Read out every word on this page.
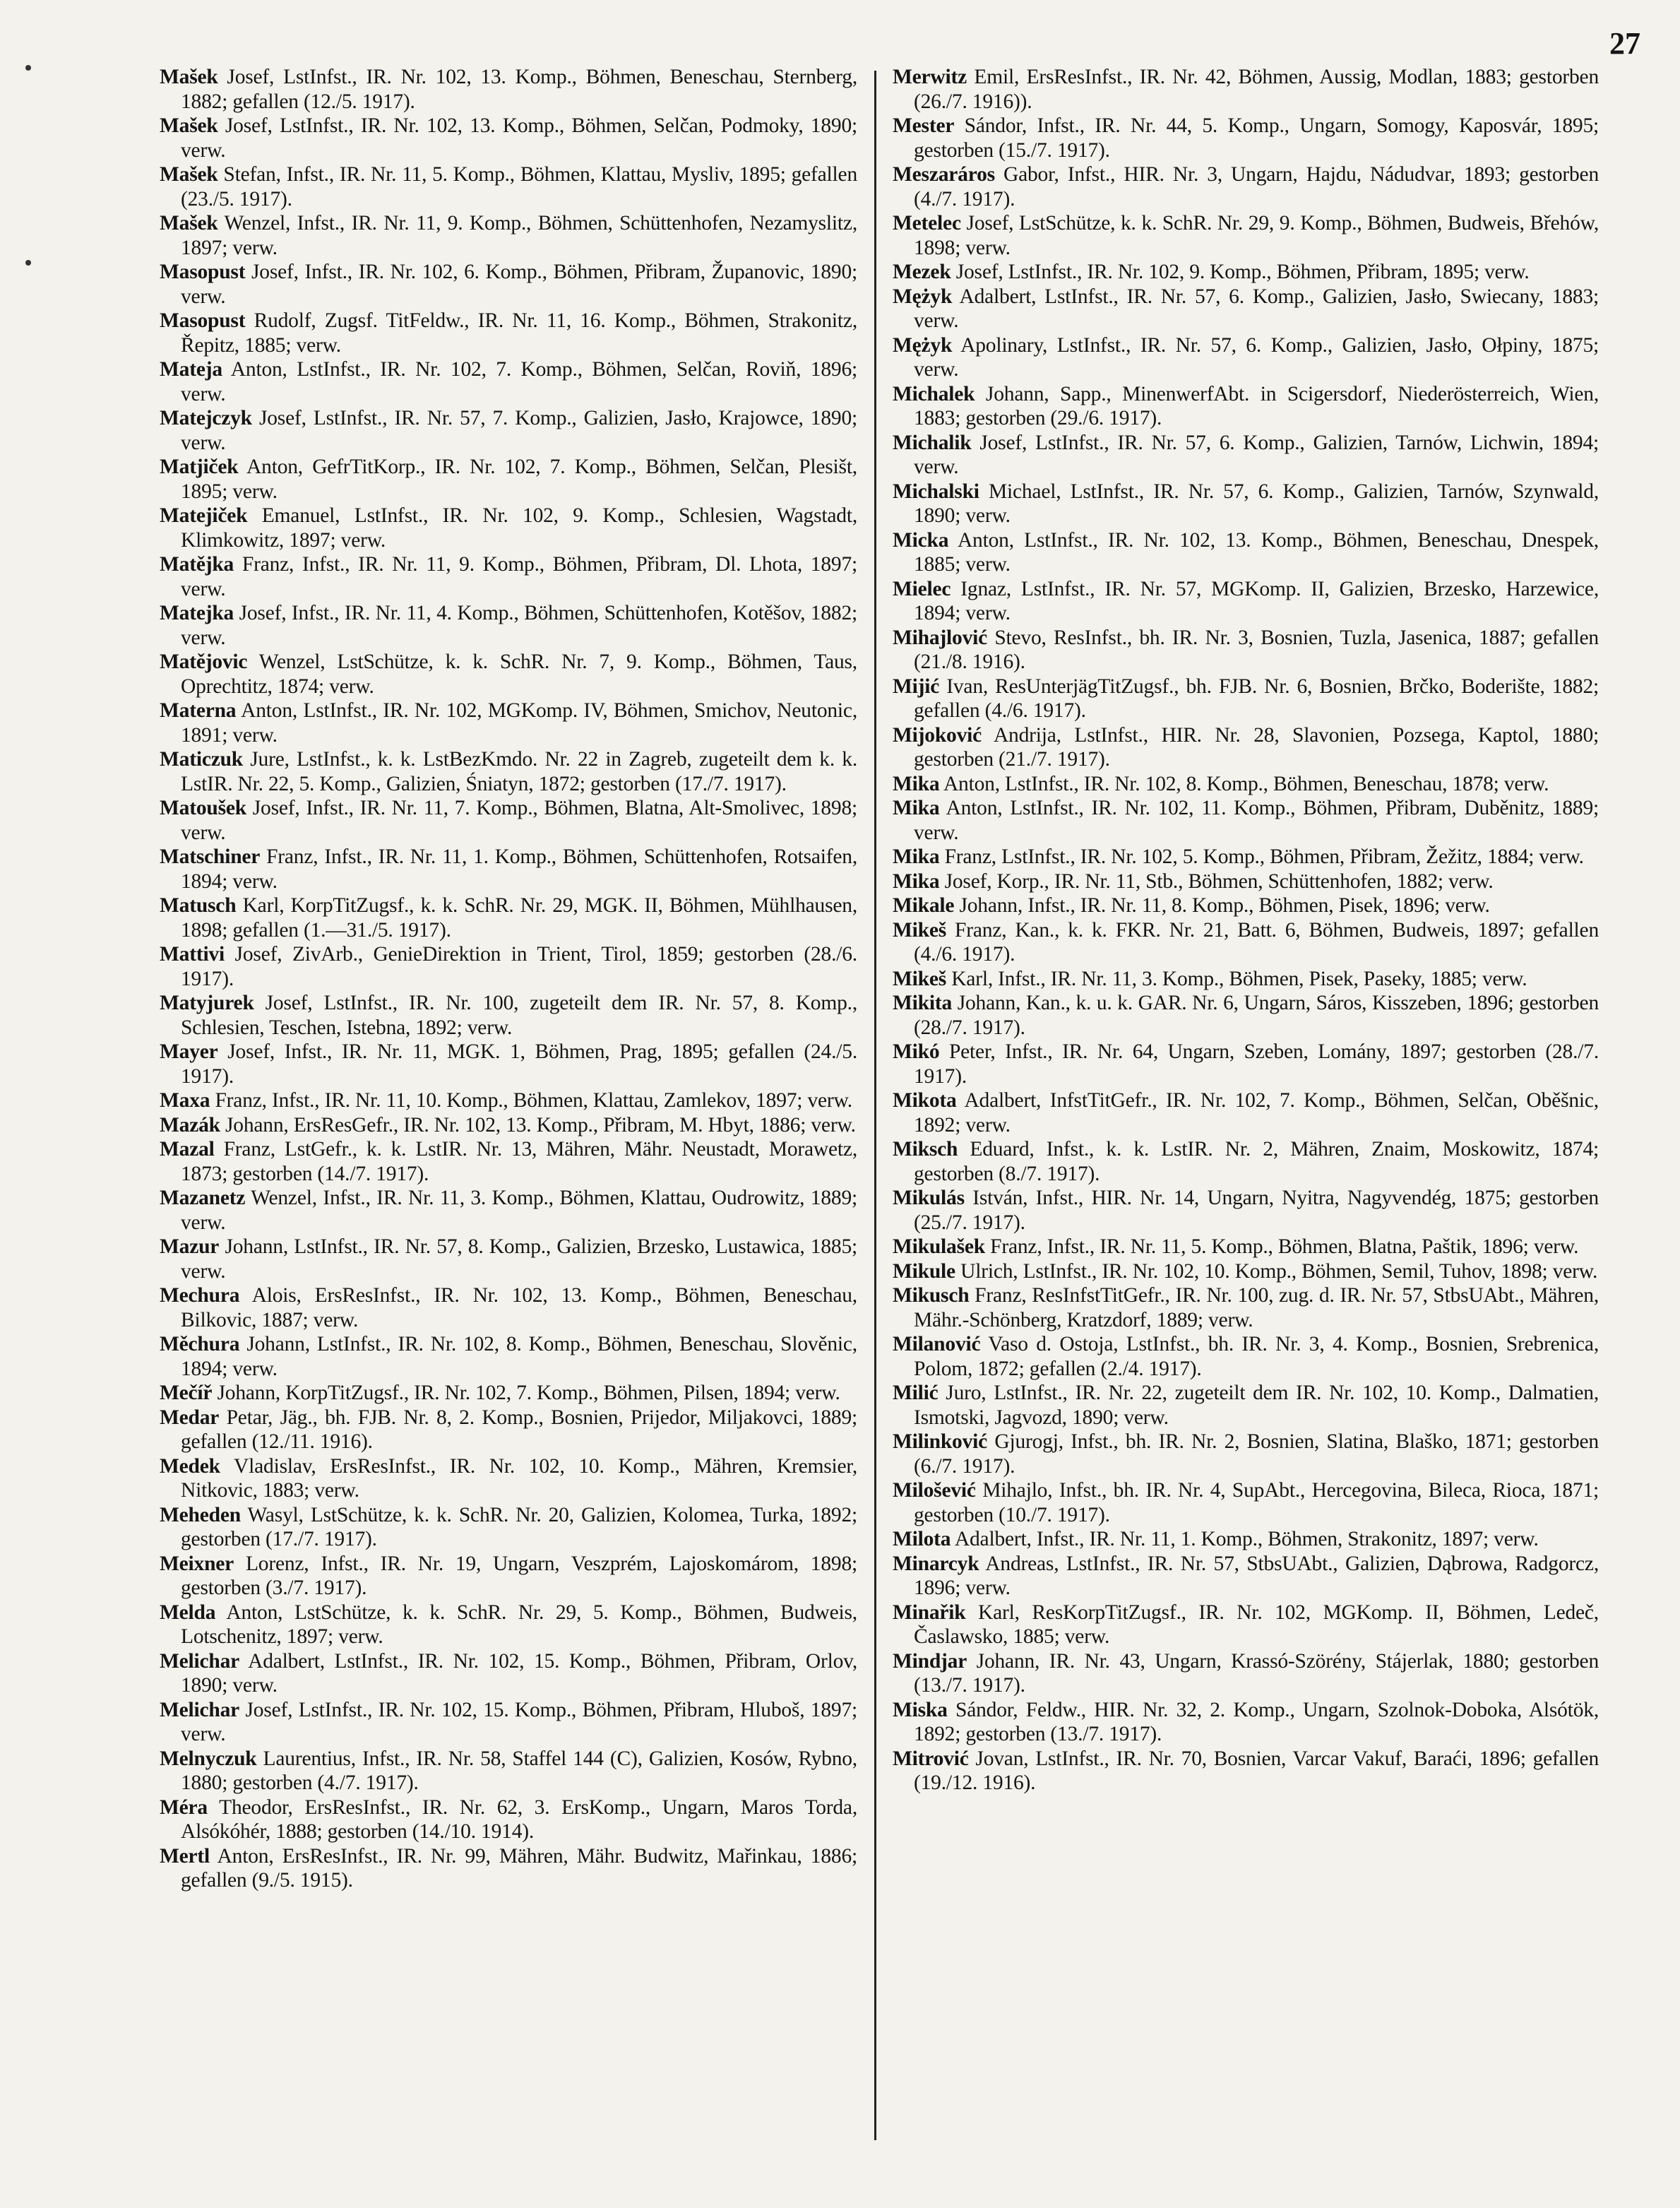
27

Mašek Josef, LstInfst., IR. Nr. 102, 13. Komp., Böhmen, Beneschau, Sternberg, 1882; gefallen (12./5. 1917).

Mašek Josef, LstInfst., IR. Nr. 102, 13. Komp., Böhmen, Selčan, Podmoky, 1890; verw.

Mašek Stefan, Infst., IR. Nr. 11, 5. Komp., Böhmen, Klattau, Mysliv, 1895; gefallen (23./5. 1917).

Mašek Wenzel, Infst., IR. Nr. 11, 9. Komp., Böhmen, Schüttenhofen, Nezamyslitz, 1897; verw.

Masopust Josef, Infst., IR. Nr. 102, 6. Komp., Böhmen, Přibram, Županovic, 1890; verw.

Masopust Rudolf, Zugsf. TitFeldw., IR. Nr. 11, 16. Komp., Böhmen, Strakonitz, Řepitz, 1885; verw.

Mateja Anton, LstInfst., IR. Nr. 102, 7. Komp., Böhmen, Selčan, Roviň, 1896; verw.

Matejczyk Josef, LstInfst., IR. Nr. 57, 7. Komp., Galizien, Jasło, Krajowce, 1890; verw.

Matjiček Anton, GefrTitKorp., IR. Nr. 102, 7. Komp., Böhmen, Selčan, Plesišt, 1895; verw.

Matejiček Emanuel, LstInfst., IR. Nr. 102, 9. Komp., Schlesien, Wagstadt, Klimkowitz, 1897; verw.

Matějka Franz, Infst., IR. Nr. 11, 9. Komp., Böhmen, Přibram, Dl. Lhota, 1897; verw.

Matejka Josef, Infst., IR. Nr. 11, 4. Komp., Böhmen, Schüttenhofen, Kotěšov, 1882; verw.

Matějovic Wenzel, LstSchütze, k. k. SchR. Nr. 7, 9. Komp., Böhmen, Taus, Oprechtitz, 1874; verw.

Materna Anton, LstInfst., IR. Nr. 102, MGKomp. IV, Böhmen, Smichov, Neutonic, 1891; verw.

Maticzuk Jure, LstInfst., k. k. LstBezKmdo. Nr. 22 in Zagreb, zugeteilt dem k. k. LstIR. Nr. 22, 5. Komp., Galizien, Śniatyn, 1872; gestorben (17./7. 1917).

Matoušek Josef, Infst., IR. Nr. 11, 7. Komp., Böhmen, Blatna, Alt-Smolivec, 1898; verw.

Matschiner Franz, Infst., IR. Nr. 11, 1. Komp., Böhmen, Schüttenhofen, Rotsaifen, 1894; verw.

Matusch Karl, KorpTitZugsf., k. k. SchR. Nr. 29, MGK. II, Böhmen, Mühlhausen, 1898; gefallen (1.—31./5. 1917).

Mattivi Josef, ZivArb., GenieDirektion in Trient, Tirol, 1859; gestorben (28./6. 1917).

Matyjurek Josef, LstInfst., IR. Nr. 100, zugeteilt dem IR. Nr. 57, 8. Komp., Schlesien, Teschen, Istebna, 1892; verw.

Mayer Josef, Infst., IR. Nr. 11, MGK. 1, Böhmen, Prag, 1895; gefallen (24./5. 1917).

Maxa Franz, Infst., IR. Nr. 11, 10. Komp., Böhmen, Klattau, Zamlekov, 1897; verw.

Mazák Johann, ErsResGefr., IR. Nr. 102, 13. Komp., Přibram, M. Hbyt, 1886; verw.

Mazal Franz, LstGefr., k. k. LstIR. Nr. 13, Mähren, Mähr. Neustadt, Morawetz, 1873; gestorben (14./7. 1917).

Mazanetz Wenzel, Infst., IR. Nr. 11, 3. Komp., Böhmen, Klattau, Oudrowitz, 1889; verw.

Mazur Johann, LstInfst., IR. Nr. 57, 8. Komp., Galizien, Brzesko, Lustawica, 1885; verw.

Mechura Alois, ErsResInfst., IR. Nr. 102, 13. Komp., Böhmen, Beneschau, Bilkovic, 1887; verw.

Měchura Johann, LstInfst., IR. Nr. 102, 8. Komp., Böhmen, Beneschau, Slověnic, 1894; verw.

Mečíř Johann, KorpTitZugsf., IR. Nr. 102, 7. Komp., Böhmen, Pilsen, 1894; verw.

Medar Petar, Jäg., bh. FJB. Nr. 8, 2. Komp., Bosnien, Prijedor, Miljakovci, 1889; gefallen (12./11. 1916).

Medek Vladislav, ErsResInfst., IR. Nr. 102, 10. Komp., Mähren, Kremsier, Nitkovic, 1883; verw.

Meheden Wasyl, LstSchütze, k. k. SchR. Nr. 20, Galizien, Kolomea, Turka, 1892; gestorben (17./7. 1917).

Meixner Lorenz, Infst., IR. Nr. 19, Ungarn, Veszprém, Lajoskomárom, 1898; gestorben (3./7. 1917).

Melda Anton, LstSchütze, k. k. SchR. Nr. 29, 5. Komp., Böhmen, Budweis, Lotschenitz, 1897; verw.

Melichar Adalbert, LstInfst., IR. Nr. 102, 15. Komp., Böhmen, Přibram, Orlov, 1890; verw.

Melichar Josef, LstInfst., IR. Nr. 102, 15. Komp., Böhmen, Přibram, Hluboš, 1897; verw.

Melnyczuk Laurentius, Infst., IR. Nr. 58, Staffel 144 (C), Galizien, Kosów, Rybno, 1880; gestorben (4./7. 1917).

Méra Theodor, ErsResInfst., IR. Nr. 62, 3. ErsKomp., Ungarn, Maros Torda, Alsókóhér, 1888; gestorben (14./10. 1914).

Mertl Anton, ErsResInfst., IR. Nr. 99, Mähren, Mähr. Budwitz, Mařinkau, 1886; gefallen (9./5. 1915).

Merwitz Emil, ErsResInfst., IR. Nr. 42, Böhmen, Aussig, Modlan, 1883; gestorben (26./7. 1916)).

Mester Sándor, Infst., IR. Nr. 44, 5. Komp., Ungarn, Somogy, Kaposvár, 1895; gestorben (15./7. 1917).

Meszaráros Gabor, Infst., HIR. Nr. 3, Ungarn, Hajdu, Nádudvar, 1893; gestorben (4./7. 1917).

Metelec Josef, LstSchütze, k. k. SchR. Nr. 29, 9. Komp., Böhmen, Budweis, Břehów, 1898; verw.

Mezek Josef, LstInfst., IR. Nr. 102, 9. Komp., Böhmen, Přibram, 1895; verw.

Mężyk Adalbert, LstInfst., IR. Nr. 57, 6. Komp., Galizien, Jasło, Swiecany, 1883; verw.

Mężyk Apolinary, LstInfst., IR. Nr. 57, 6. Komp., Galizien, Jasło, Ołpiny, 1875; verw.

Michalek Johann, Sapp., MinenwerfAbt. in Scigersdorf, Niederösterreich, Wien, 1883; gestorben (29./6. 1917).

Michalik Josef, LstInfst., IR. Nr. 57, 6. Komp., Galizien, Tarnów, Lichwin, 1894; verw.

Michalski Michael, LstInfst., IR. Nr. 57, 6. Komp., Galizien, Tarnów, Szynwald, 1890; verw.

Micka Anton, LstInfst., IR. Nr. 102, 13. Komp., Böhmen, Beneschau, Dnespek, 1885; verw.

Mielec Ignaz, LstInfst., IR. Nr. 57, MGKomp. II, Galizien, Brzesko, Harzewice, 1894; verw.

Mihajlović Stevo, ResInfst., bh. IR. Nr. 3, Bosnien, Tuzla, Jasenica, 1887; gefallen (21./8. 1916).

Mijić Ivan, ResUnterjägTitZugsf., bh. FJB. Nr. 6, Bosnien, Brčko, Boderište, 1882; gefallen (4./6. 1917).

Mijoković Andrija, LstInfst., HIR. Nr. 28, Slavonien, Pozsega, Kaptol, 1880; gestorben (21./7. 1917).

Mika Anton, LstInfst., IR. Nr. 102, 8. Komp., Böhmen, Beneschau, 1878; verw.

Mika Anton, LstInfst., IR. Nr. 102, 11. Komp., Böhmen, Přibram, Duběnitz, 1889; verw.

Mika Franz, LstInfst., IR. Nr. 102, 5. Komp., Böhmen, Přibram, Žežitz, 1884; verw.

Mika Josef, Korp., IR. Nr. 11, Stb., Böhmen, Schüttenhofen, 1882; verw.

Mikale Johann, Infst., IR. Nr. 11, 8. Komp., Böhmen, Pisek, 1896; verw.

Mikeš Franz, Kan., k. k. FKR. Nr. 21, Batt. 6, Böhmen, Budweis, 1897; gefallen (4./6. 1917).

Mikeš Karl, Infst., IR. Nr. 11, 3. Komp., Böhmen, Pisek, Paseky, 1885; verw.

Mikita Johann, Kan., k. u. k. GAR. Nr. 6, Ungarn, Sáros, Kisszeben, 1896; gestorben (28./7. 1917).

Mikó Peter, Infst., IR. Nr. 64, Ungarn, Szeben, Lomány, 1897; gestorben (28./7. 1917).

Mikota Adalbert, InfstTitGefr., IR. Nr. 102, 7. Komp., Böhmen, Selčan, Oběšnic, 1892; verw.

Miksch Eduard, Infst., k. k. LstIR. Nr. 2, Mähren, Znaim, Moskowitz, 1874; gestorben (8./7. 1917).

Mikulás István, Infst., HIR. Nr. 14, Ungarn, Nyitra, Nagyvendég, 1875; gestorben (25./7. 1917).

Mikulašek Franz, Infst., IR. Nr. 11, 5. Komp., Böhmen, Blatna, Paštik, 1896; verw.

Mikule Ulrich, LstInfst., IR. Nr. 102, 10. Komp., Böhmen, Semil, Tuhov, 1898; verw.

Mikusch Franz, ResInfstTitGefr., IR. Nr. 100, zug. d. IR. Nr. 57, StbsUAbt., Mähren, Mähr.-Schönberg, Kratzdorf, 1889; verw.

Milanović Vaso d. Ostoja, LstInfst., bh. IR. Nr. 3, 4. Komp., Bosnien, Srebrenica, Polom, 1872; gefallen (2./4. 1917).

Milić Juro, LstInfst., IR. Nr. 22, zugeteilt dem IR. Nr. 102, 10. Komp., Dalmatien, Ismotski, Jagvozd, 1890; verw.

Milinković Gjurogj, Infst., bh. IR. Nr. 2, Bosnien, Slatina, Blaško, 1871; gestorben (6./7. 1917).

Milošević Mihajlo, Infst., bh. IR. Nr. 4, SupAbt., Hercegovina, Bileca, Rioca, 1871; gestorben (10./7. 1917).

Milota Adalbert, Infst., IR. Nr. 11, 1. Komp., Böhmen, Strakonitz, 1897; verw.

Minarcyk Andreas, LstInfst., IR. Nr. 57, StbsUAbt., Galizien, Dąbrowa, Radgorcz, 1896; verw.

Minařik Karl, ResKorpTitZugsf., IR. Nr. 102, MGKomp. II, Böhmen, Ledeč, Časlawsko, 1885; verw.

Mindjar Johann, IR. Nr. 43, Ungarn, Krassó-Szörény, Stájerlak, 1880; gestorben (13./7. 1917).

Miska Sándor, Feldw., HIR. Nr. 32, 2. Komp., Ungarn, Szolnok-Doboka, Alsótök, 1892; gestorben (13./7. 1917).

Mitrović Jovan, LstInfst., IR. Nr. 70, Bosnien, Varcar Vakuf, Baraći, 1896; gefallen (19./12. 1916).
